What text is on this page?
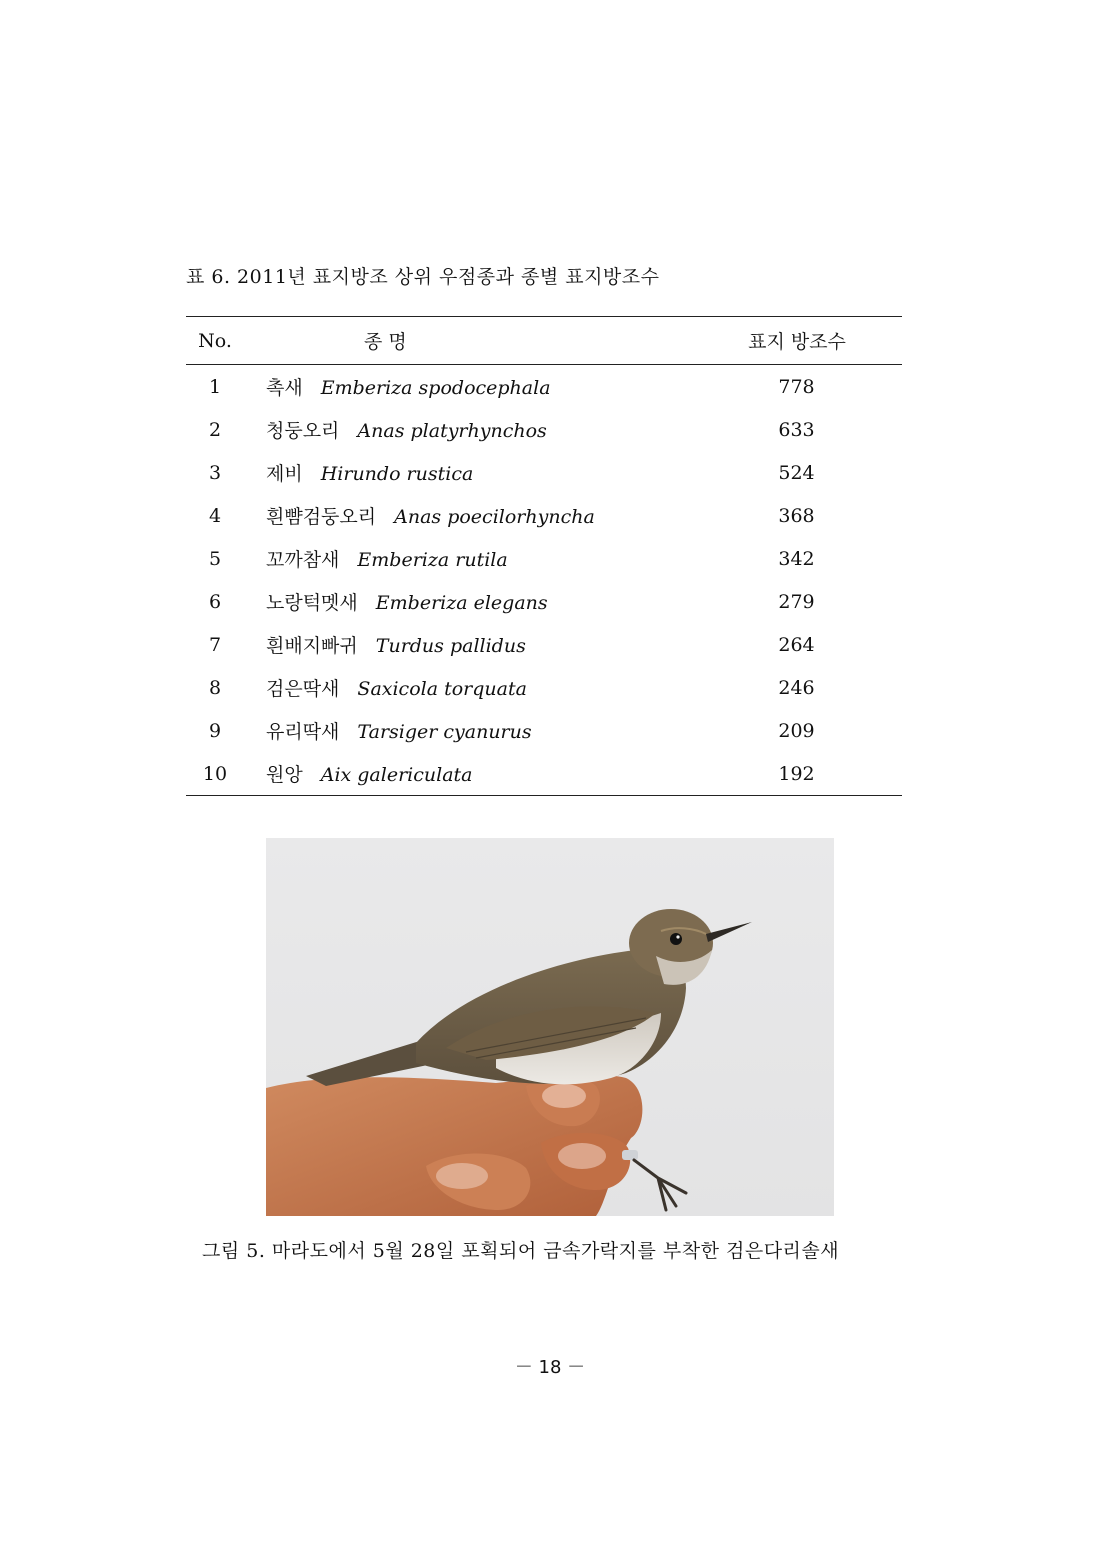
표 6. 2011년 표지방조 상위 우점종과 종별 표지방조수
No.	종 명	표지 방조수
1	촉새 Emberiza spodocephala	778
2	청둥오리 Anas platyrhynchos	633
3	제비 Hirundo rustica	524
4	흰뺨검둥오리 Anas poecilorhyncha	368
5	꼬까참새 Emberiza rutila	342
6	노랑턱멧새 Emberiza elegans	279
7	흰배지빠귀 Turdus pallidus	264
8	검은딱새 Saxicola torquata	246
9	유리딱새 Tarsiger cyanurus	209
10	원앙 Aix galericulata	192
그림 5. 마라도에서 5월 28일 포획되어 금속가락지를 부착한 검은다리솔새
－ 18 －
